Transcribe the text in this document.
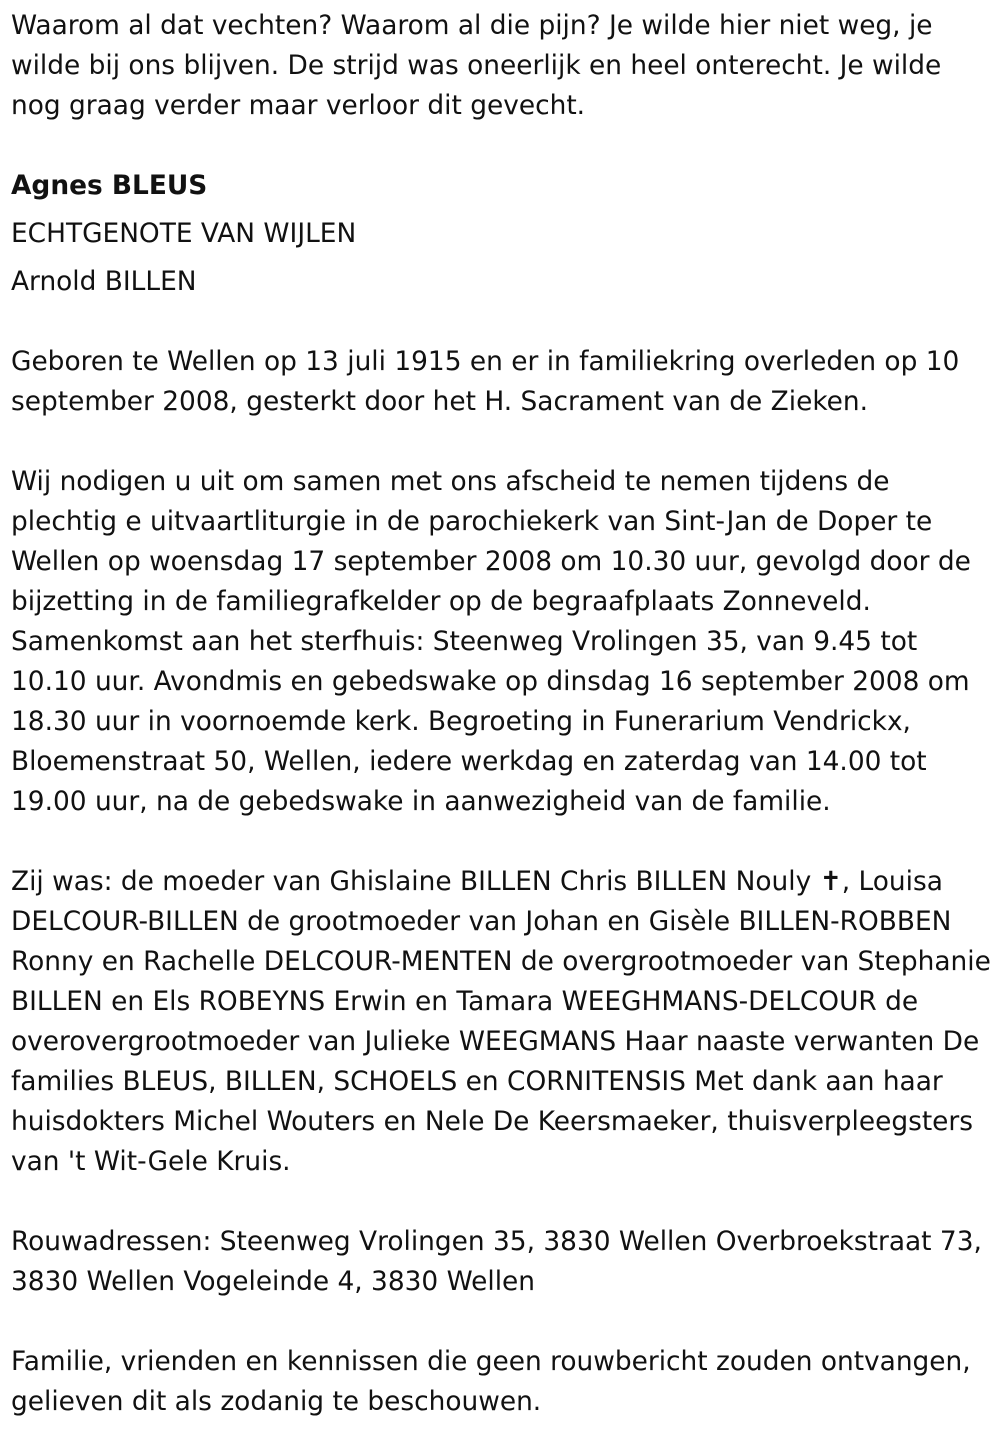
Waarom al dat vechten? Waarom al die pijn? Je wilde hier niet weg, je wilde bij ons blijven. De strijd was oneerlijk en heel onterecht. Je wilde nog graag verder maar verloor dit gevecht.

Agnes BLEUS
ECHTGENOTE VAN WIJLEN
Arnold BILLEN

Geboren te Wellen op 13 juli 1915 en er in familiekring overleden op 10 september 2008, gesterkt door het H. Sacrament van de Zieken.

Wij nodigen u uit om samen met ons afscheid te nemen tijdens de plechtig e uitvaartliturgie in de parochiekerk van Sint-Jan de Doper te Wellen op woensdag 17 september 2008 om 10.30 uur, gevolgd door de bijzetting in de familiegrafkelder op de begraafplaats Zonneveld. Samenkomst aan het sterfhuis: Steenweg Vrolingen 35, van 9.45 tot 10.10 uur. Avondmis en gebedswake op dinsdag 16 september 2008 om 18.30 uur in voornoemde kerk. Begroeting in Funerarium Vendrickx, Bloemenstraat 50, Wellen, iedere werkdag en zaterdag van 14.00 tot 19.00 uur, na de gebedswake in aanwezigheid van de familie.

Zij was: de moeder van Ghislaine BILLEN Chris BILLEN Nouly ✝, Louisa DELCOUR-BILLEN de grootmoeder van Johan en Gisèle BILLEN-ROBBEN Ronny en Rachelle DELCOUR-MENTEN de overgrootmoeder van Stephanie BILLEN en Els ROBEYNS Erwin en Tamara WEEGHMANS-DELCOUR de overovergrootmoeder van Julieke WEEGMANS Haar naaste verwanten De families BLEUS, BILLEN, SCHOELS en CORNITENSIS Met dank aan haar huisdokters Michel Wouters en Nele De Keersmaeker, thuisverpleegsters van 't Wit-Gele Kruis.

Rouwadressen: Steenweg Vrolingen 35, 3830 Wellen Overbroekstraat 73, 3830 Wellen Vogeleinde 4, 3830 Wellen

Familie, vrienden en kennissen die geen rouwbericht zouden ontvangen, gelieven dit als zodanig te beschouwen.
